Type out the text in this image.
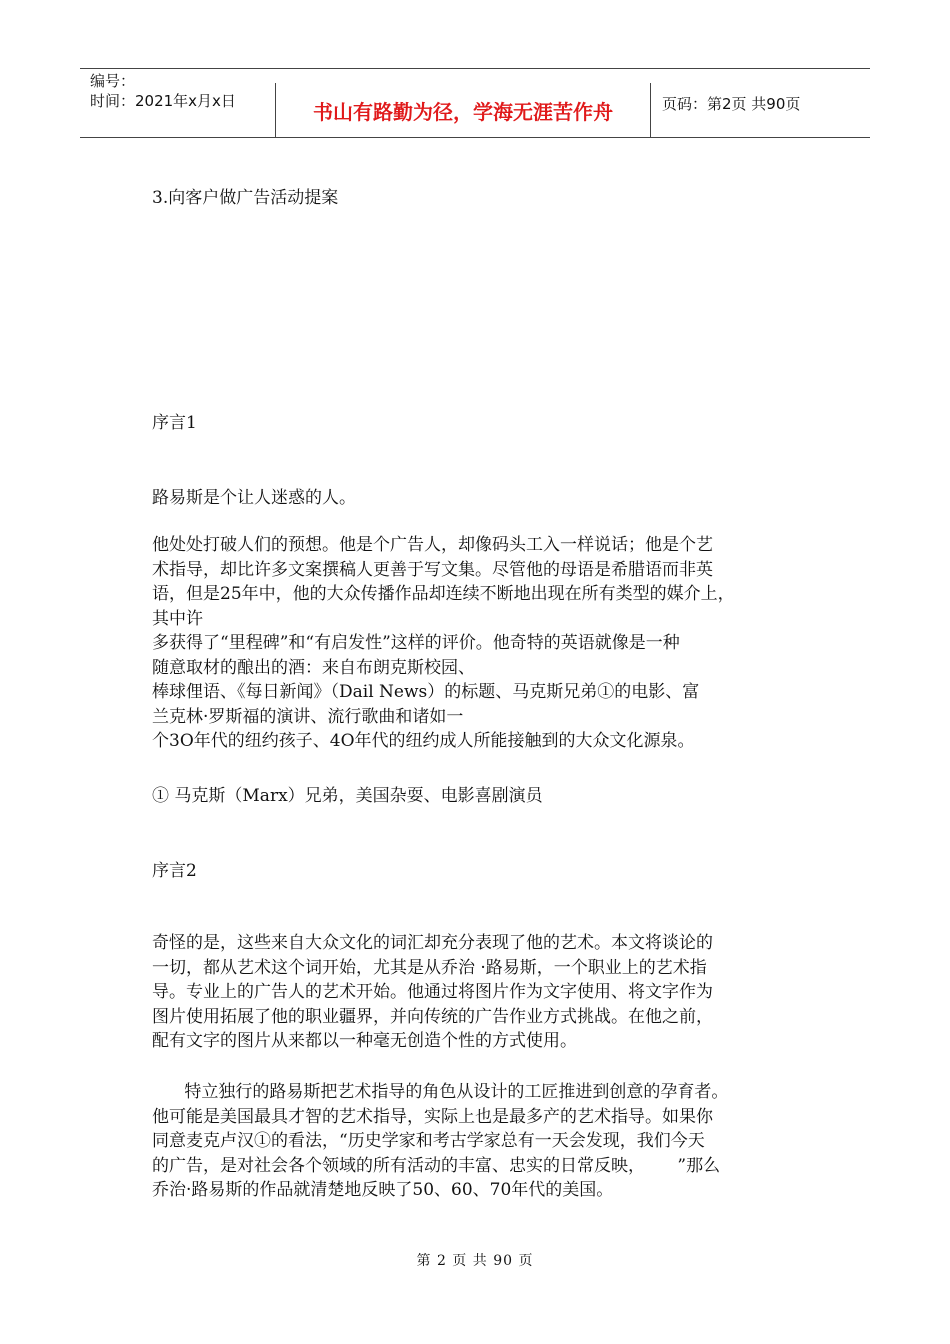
编号：
时间：2021年x月x日	书山有路勤为径，学海无涯苦作舟	页码：第2页 共90页
3.向客户做广告活动提案
序言1
路易斯是个让人迷惑的人。
他处处打破人们的预想。他是个广告人，却像码头工入一样说话；他是个艺
术指导，却比许多文案撰稿人更善于写文集。尽管他的母语是希腊语而非英
语，但是25年中，他的大众传播作品却连续不断地出现在所有类型的媒介上，
其中许
多获得了“里程碑”和“有启发性”这样的评价。他奇特的英语就像是一种
随意取材的酿出的酒：来自布朗克斯校园、
棒球俚语、《每日新闻》（Dail News）的标题、马克斯兄弟①的电影、富
兰克林·罗斯福的演讲、流行歌曲和诸如一
个3O年代的纽约孩子、4O年代的纽约成人所能接触到的大众文化源泉。
① 马克斯（Marx）兄弟，美国杂耍、电影喜剧演员
序言2
奇怪的是，这些来自大众文化的词汇却充分表现了他的艺术。本文将谈论的
一切，都从艺术这个词开始，尤其是从乔治 ·路易斯，一个职业上的艺术指
导。专业上的广告人的艺术开始。他通过将图片作为文字使用、将文字作为
图片使用拓展了他的职业疆界，并向传统的广告作业方式挑战。在他之前，
配有文字的图片从来都以一种毫无创造个性的方式使用。
特立独行的路易斯把艺术指导的角色从设计的工匠推进到创意的孕育者。
他可能是美国最具才智的艺术指导，实际上也是最多产的艺术指导。如果你
同意麦克卢汉①的看法，“历史学家和考古学家总有一天会发现，我们今天
的广告，是对社会各个领域的所有活动的丰富、忠实的日常反映，      ”那么
乔治·路易斯的作品就清楚地反映了50、60、70年代的美国。
第 2 页 共 90 页
